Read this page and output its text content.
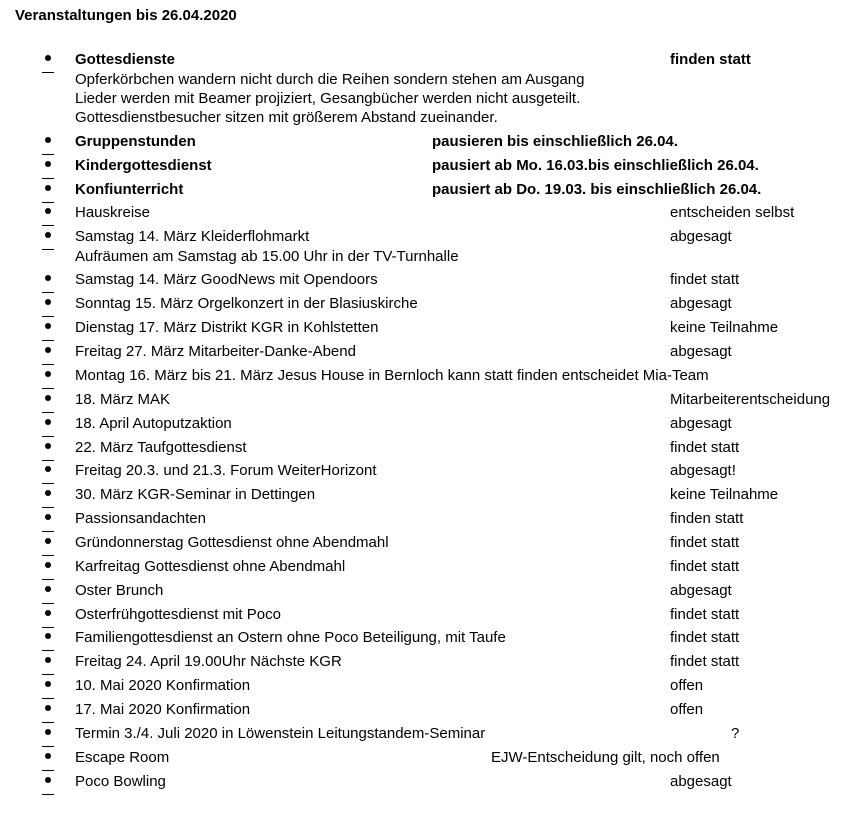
Veranstaltungen bis 26.04.2020
Gottesdienste	finden statt
Opferkörbchen wandern nicht durch die Reihen sondern stehen am Ausgang
Lieder werden mit Beamer projiziert, Gesangbücher werden nicht ausgeteilt.
Gottesdienstbesucher sitzen mit größerem Abstand zueinander.
Gruppenstunden	pausieren bis einschließlich 26.04.
Kindergottesdienst	pausiert ab Mo. 16.03.bis einschließlich 26.04.
Konfiunterricht	pausiert ab Do. 19.03. bis einschließlich 26.04.
Hauskreise	entscheiden selbst
Samstag 14. März Kleiderflohmarkt	abgesagt
Aufräumen am Samstag ab 15.00 Uhr in der TV-Turnhalle
Samstag 14. März GoodNews mit Opendoors	findet statt
Sonntag 15. März Orgelkonzert in der Blasiuskirche	abgesagt
Dienstag 17. März Distrikt KGR in Kohlstetten	keine Teilnahme
Freitag 27. März Mitarbeiter-Danke-Abend	abgesagt
Montag 16. März bis 21. März Jesus House in Bernloch kann statt finden entscheidet Mia-Team
18. März MAK	Mitarbeiterentscheidung
18. April Autoputzaktion	abgesagt
22. März Taufgottesdienst	findet statt
Freitag 20.3. und 21.3. Forum WeiterHorizont	abgesagt!
30. März KGR-Seminar in Dettingen	keine Teilnahme
Passionsandachten	finden statt
Gründonnerstag Gottesdienst ohne Abendmahl	findet statt
Karfreitag Gottesdienst ohne Abendmahl	findet statt
Oster Brunch	abgesagt
Osterfrühgottesdienst mit Poco	findet statt
Familiengottesdienst an Ostern ohne Poco Beteiligung, mit Taufe	findet statt
Freitag 24. April 19.00Uhr Nächste KGR	findet statt
10. Mai 2020 Konfirmation	offen
17. Mai 2020 Konfirmation	offen
Termin 3./4. Juli 2020 in Löwenstein Leitungstandem-Seminar	?
Escape Room	EJW-Entscheidung gilt, noch offen
Poco Bowling	abgesagt
